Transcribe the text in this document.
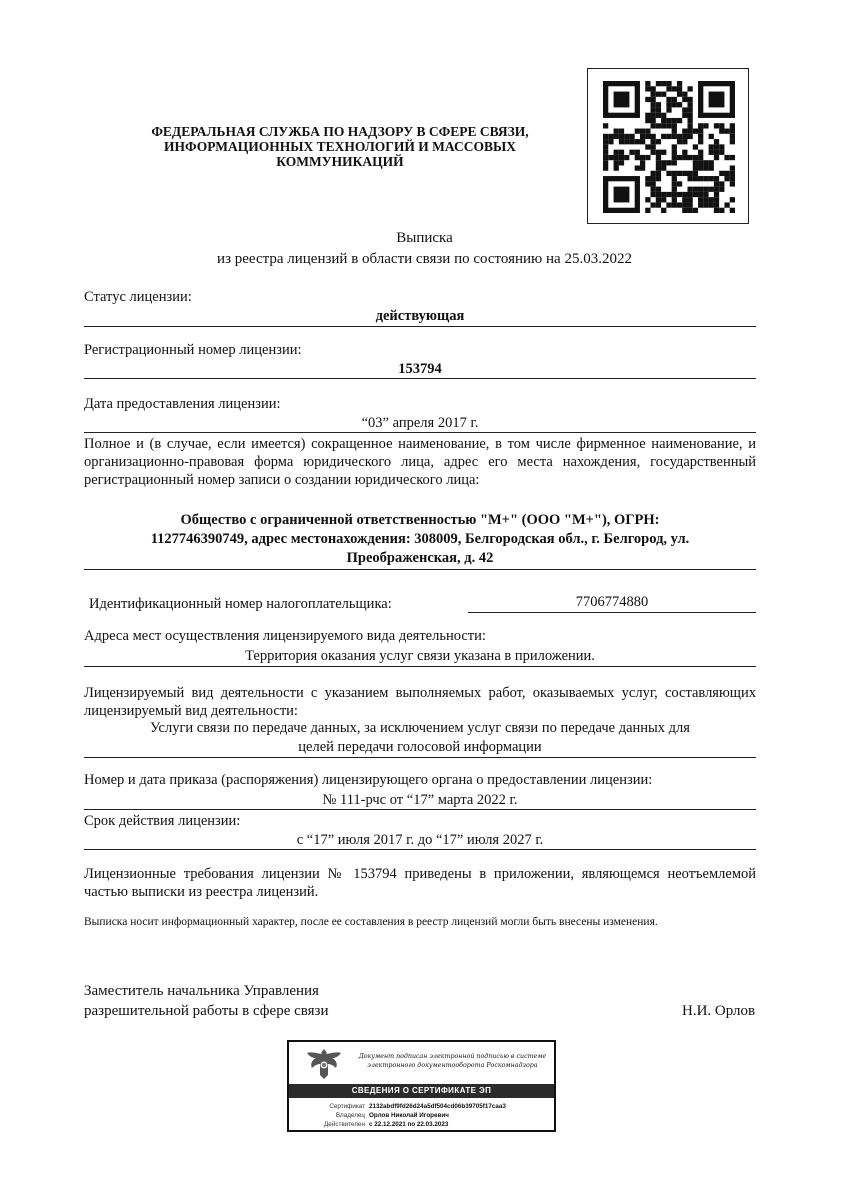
ФЕДЕРАЛЬНАЯ СЛУЖБА ПО НАДЗОРУ В СФЕРЕ СВЯЗИ,
ИНФОРМАЦИОННЫХ ТЕХНОЛОГИЙ И МАССОВЫХ
КОММУНИКАЦИЙ
Выписка
из реестра лицензий в области связи по состоянию на 25.03.2022
Статус лицензии:
действующая
Регистрационный номер лицензии:
153794
Дата предоставления лицензии:
“03” апреля 2017 г.
Полное и (в случае, если имеется) сокращенное наименование, в том числе фирменное наименование, и организационно-правовая форма юридического лица, адрес его места нахождения, государственный регистрационный номер записи о создании юридического лица:
Общество с ограниченной ответственностью "М+" (ООО "М+"), ОГРН:
1127746390749, адрес местонахождения: 308009, Белгородская обл., г. Белгород, ул.
Преображенская, д. 42
Идентификационный номер налогоплательщика:	7706774880
Адреса мест осуществления лицензируемого вида деятельности:
Территория оказания услуг связи указана в приложении.
Лицензируемый вид деятельности с указанием выполняемых работ, оказываемых услуг, составляющих лицензируемый вид деятельности:
Услуги связи по передаче данных, за исключением услуг связи по передаче данных для
целей передачи голосовой информации
Номер и дата приказа (распоряжения) лицензирующего органа о предоставлении лицензии:
№ 111-рчс от “17” марта 2022 г.
Срок действия лицензии:
с “17” июля 2017 г. до “17” июля 2027 г.
Лицензионные требования лицензии № 153794 приведены в приложении, являющемся неотъемлемой частью выписки из реестра лицензий.
Выписка носит информационный характер, после ее составления в реестр лицензий могли быть внесены изменения.
Заместитель начальника Управления
разрешительной работы в сфере связи	Н.И. Орлов
Документ подписан электронной подписью в системе
электронного документооборота Роскомнадзора
СВЕДЕНИЯ О СЕРТИФИКАТЕ ЭП
Сертификат 2132abdf9fd26d24a5df504cd06b39705f17caa3
Владелец Орлов Николай Игоревич
Действителен с 22.12.2021 по 22.03.2023
